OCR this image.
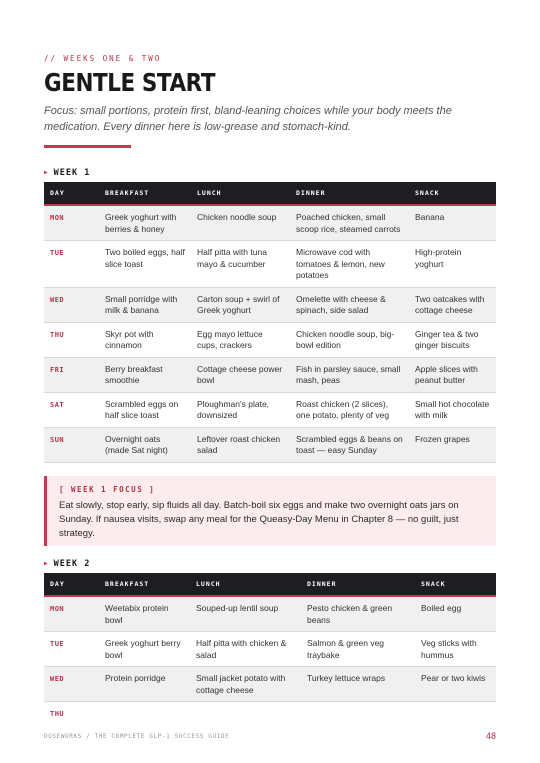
// WEEKS ONE & TWO
GENTLE START
Focus: small portions, protein first, bland-leaning choices while your body meets the medication. Every dinner here is low-grease and stomach-kind.
▶ WEEK 1
DAY	BREAKFAST	LUNCH	DINNER	SNACK
MON	Greek yoghurt with berries & honey	Chicken noodle soup	Poached chicken, small scoop rice, steamed carrots	Banana
TUE	Two boiled eggs, half slice toast	Half pitta with tuna mayo & cucumber	Microwave cod with tomatoes & lemon, new potatoes	High-protein yoghurt
WED	Small porridge with milk & banana	Carton soup + swirl of Greek yoghurt	Omelette with cheese & spinach, side salad	Two oatcakes with cottage cheese
THU	Skyr pot with cinnamon	Egg mayo lettuce cups, crackers	Chicken noodle soup, big-bowl edition	Ginger tea & two ginger biscuits
FRI	Berry breakfast smoothie	Cottage cheese power bowl	Fish in parsley sauce, small mash, peas	Apple slices with peanut butter
SAT	Scrambled eggs on half slice toast	Ploughman's plate, downsized	Roast chicken (2 slices), one potato, plenty of veg	Small hot chocolate with milk
SUN	Overnight oats (made Sat night)	Leftover roast chicken salad	Scrambled eggs & beans on toast — easy Sunday	Frozen grapes
[ WEEK 1 FOCUS ]
Eat slowly, stop early, sip fluids all day. Batch-boil six eggs and make two overnight oats jars on Sunday. If nausea visits, swap any meal for the Queasy-Day Menu in Chapter 8 — no guilt, just strategy.
▶ WEEK 2
DAY	BREAKFAST	LUNCH	DINNER	SNACK
MON	Weetabix protein bowl	Souped-up lentil soup	Pesto chicken & green beans	Boiled egg
TUE	Greek yoghurt berry bowl	Half pitta with chicken & salad	Salmon & green veg traybake	Veg sticks with hummus
WED	Protein porridge	Small jacket potato with cottage cheese	Turkey lettuce wraps	Pear or two kiwis
THU				
DOSEWORKS / THE COMPLETE GLP-1 SUCCESS GUIDE	48
